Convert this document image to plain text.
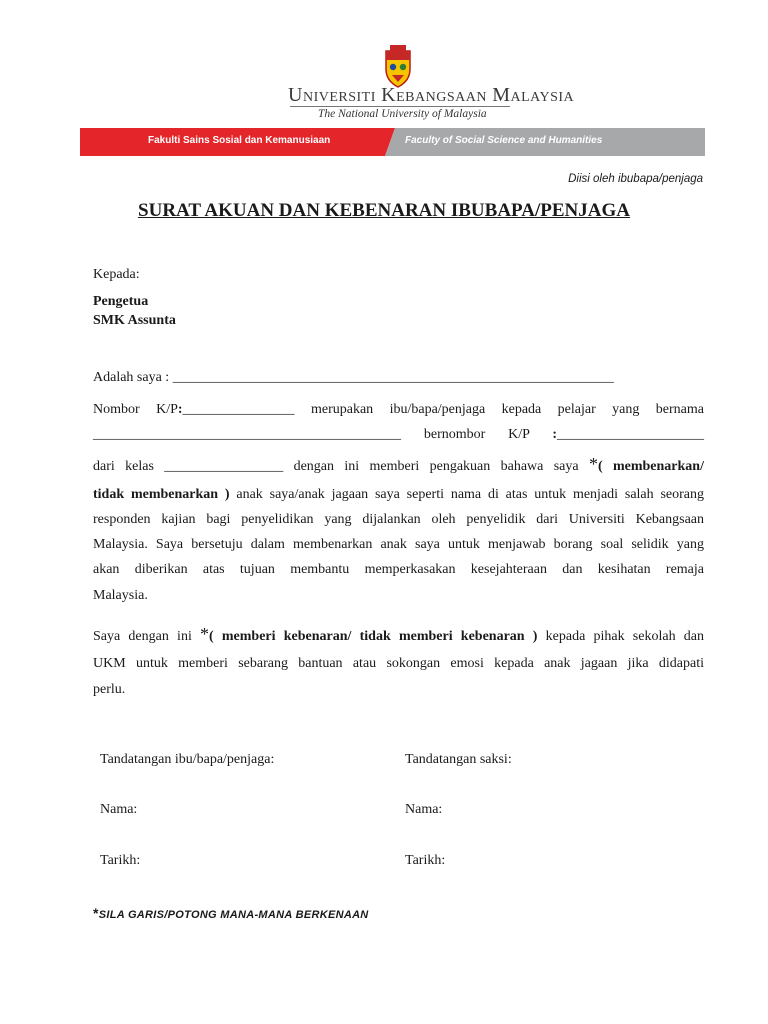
UNIVERSITI KEBANGSAAN MALAYSIA
The National University of Malaysia
Fakulti Sains Sosial dan Kemanusiaan	Faculty of Social Science and Humanities
Diisi oleh ibubapa/penjaga
SURAT AKUAN DAN KEBENARAN IBUBAPA/PENJAGA
Kepada:
Pengetua
SMK Assunta
Adalah saya : _______________________________________________________________
Nombor K/P:________________ merupakan ibu/bapa/penjaga kepada pelajar yang bernama
____________________________________________ bernombor K/P :_____________________
dari kelas _________________ dengan ini memberi pengakuan bahawa saya *( membenarkan/
tidak membenarkan ) anak saya/anak jagaan saya seperti nama di atas untuk menjadi salah seorang
responden kajian bagi penyelidikan yang dijalankan oleh penyelidik dari Universiti Kebangsaan
Malaysia. Saya bersetuju dalam membenarkan anak saya untuk menjawab borang soal selidik yang
akan diberikan atas tujuan membantu memperkasakan kesejahteraan dan kesihatan remaja
Malaysia.
Saya dengan ini *( memberi kebenaran/ tidak memberi kebenaran ) kepada pihak sekolah dan
UKM untuk memberi sebarang bantuan atau sokongan emosi kepada anak jagaan jika didapati
perlu.
Tandatangan ibu/bapa/penjaga:	Tandatangan saksi:
Nama:	Nama:
Tarikh:	Tarikh:
*SILA GARIS/POTONG MANA-MANA BERKENAAN
